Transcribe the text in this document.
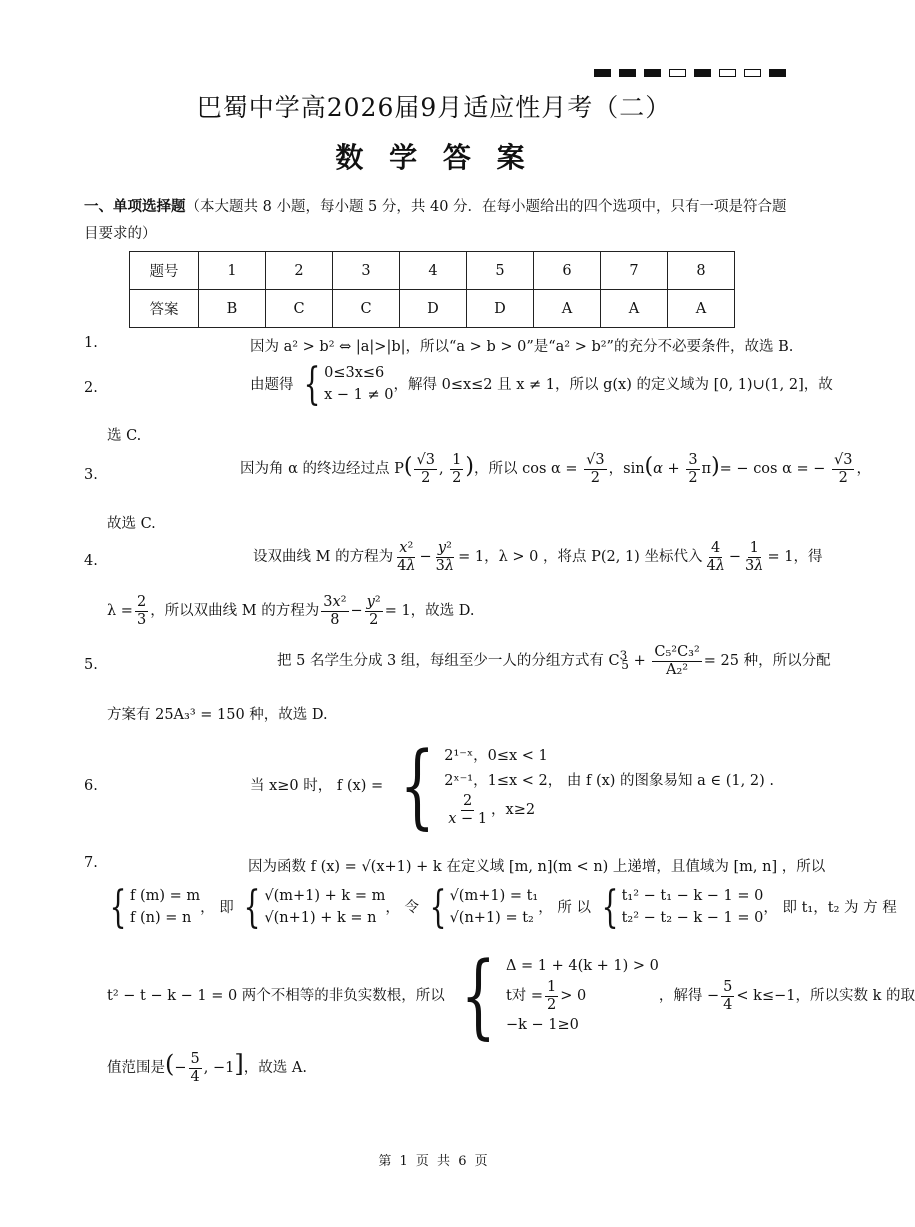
巴蜀中学高2026届9月适应性月考（二）
数 学 答 案
一、单项选择题（本大题共 8 小题，每小题 5 分，共 40 分．在每小题给出的四个选项中，只有一项是符合题目要求的）
题号	1	2	3	4	5	6	7	8
答案	B	C	C	D	D	A	A	A
1.	因为 a² > b² ⇔ |a|>|b|，所以“a > b > 0”是“a² > b²”的充分不必要条件，故选 B.
2.	由题得 { 0≤3x≤6
x − 1 ≠ 0
，解得 0≤x≤2 且 x ≠ 1，所以 g(x) 的定义域为 [0, 1)∪(1, 2]，故
选 C.
3.	因为角 α 的终边经过点 $P( \frac{√3}{2}$ , $\frac{1}{2}$ )，所以 $\cos \alpha = \frac{√3}{2}$ ，$\sin(\alpha + \frac{3}{2} \pi)= - \cos \alpha$ = − $\frac{√3}{2}$ ，
故选 C.
4.	设双曲线 M 的方程为 $\frac{\text{x²}}{4\lambda} - \frac{\text{y²}}{3\lambda} = 1$，λ > 0 ，将点 P(2, 1) 坐标代入 $\frac{4}{4\lambda} - \frac{1}{3\lambda} = 1$，得
$\lambda = \frac{2}{3}$ ，所以双曲线 M 的方程为 $\frac{\text{3x²}}{8} - \frac{\text{y²}}{2} = 1$，故选 D.
5.	把 5 名学生分成 3 组，每组至少一人的分组方式有 $C^3_5 + \frac{\text{C₅²C₃²}}{\text{A₂²}} = 25$ 种，所以分配
方案有 25A₃³ = 150 种，故选 D.
6.	当 x≥0 时， f (x) = { 2¹⁻ˣ，0≤x < 1
2ˣ⁻¹，1≤x < 2， 由 f (x) 的图象易知 a ∈ (1, 2) .
$\frac{2}{x - 1}$ ，x≥2
7.	因为函数 f (x) = √(x+1) + k 在定义域 [m, n](m < n) 上递增，且值域为 [m, n] ，所以
{ f (m) = m
f (n) = n
， 即 { √(m+1) + k = m
√(n+1) + k = n
， 令 { √(m+1) = t₁
√(n+1) = t₂
， 所 以 { t₁² − t₁ − k − 1 = 0
t₂² − t₂ − k − 1 = 0
， 即 t₁，t₂ 为 方 程
t² − t − k − 1 = 0 两个不相等的非负实数根，所以 { Δ = 1 + 4(k + 1) > 0
t对 = $\frac{1}{2} > 0$
−k − 1≥0
，解得 − $\frac{5}{4} < k\le-1$，所以实数 k 的取
值范围是(− $\frac{5}{4}$ , −1]，故选 A.
第 1 页 共 6 页
